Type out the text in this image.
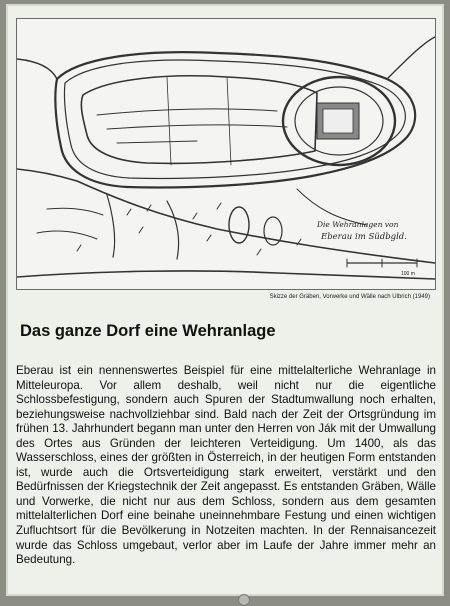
Die Wehranlagen von
Eberau im Südbgld.
100 m
Skizze der Gräben, Vorwerke und Wälle nach Ulbrich (1949)
Das ganze Dorf eine Wehranlage

Eberau ist ein nennenswertes Beispiel für eine mittelalterliche Wehranlage in Mitteleuropa. Vor allem deshalb, weil nicht nur die eigentliche Schlossbefestigung, sondern auch Spuren der Stadtumwallung noch erhalten, beziehungsweise nachvollziehbar sind. Bald nach der Zeit der Ortsgründung im frühen 13. Jahrhundert begann man unter den Herren von Ják mit der Umwallung des Ortes aus Gründen der leichteren Verteidigung. Um 1400, als das Wasserschloss, eines der größten in Österreich, in der heutigen Form entstanden ist, wurde auch die Ortsverteidigung stark erweitert, verstärkt und den Bedürfnissen der Kriegstechnik der Zeit angepasst. Es entstanden Gräben, Wälle und Vorwerke, die nicht nur aus dem Schloss, sondern aus dem gesamten mittelalterlichen Dorf eine beinahe uneinnehmbare Festung und einen wichtigen Zufluchtsort für die Bevölkerung in Notzeiten machten. In der Rennaisancezeit wurde das Schloss umgebaut, verlor aber im Laufe der Jahre immer mehr an Bedeutung.
